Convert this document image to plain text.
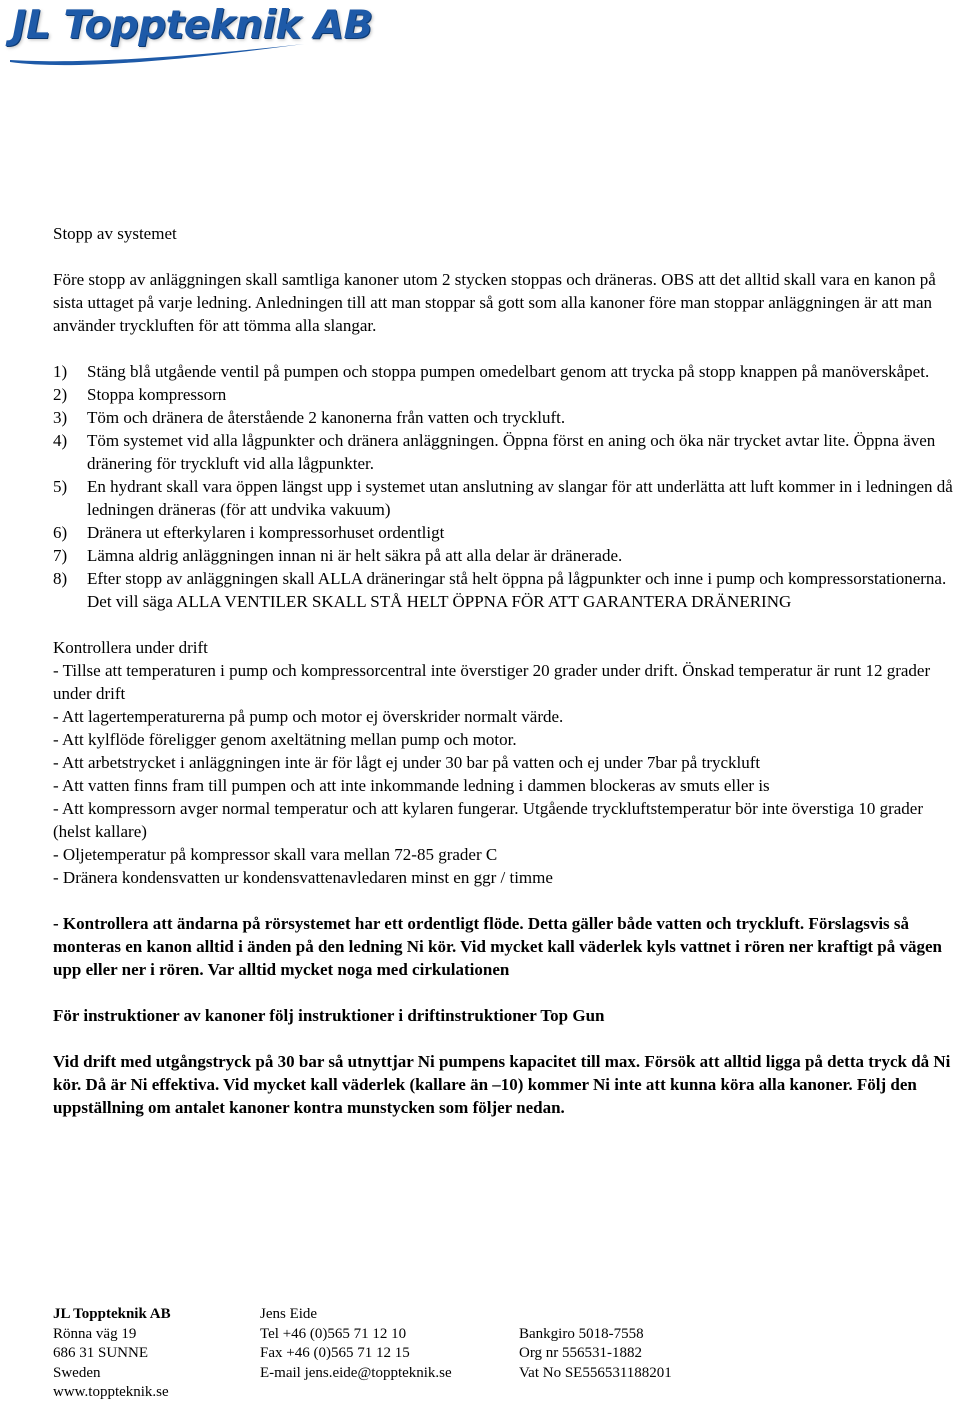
JL Toppteknik AB

Stopp av systemet

Före stopp av anläggningen skall samtliga kanoner utom 2 stycken stoppas och dräneras. OBS att det alltid skall vara en kanon på sista uttaget på varje ledning. Anledningen till att man stoppar så gott som alla kanoner före man stoppar anläggningen är att man använder tryckluften för att tömma alla slangar.

1) Stäng blå utgående ventil på pumpen och stoppa pumpen omedelbart genom att trycka på stopp knappen på manöverskåpet.
2) Stoppa kompressorn
3) Töm och dränera de återstående 2 kanonerna från vatten och tryckluft.
4) Töm systemet vid alla lågpunkter och dränera anläggningen. Öppna först en aning och öka när trycket avtar lite. Öppna även dränering för tryckluft vid alla lågpunkter.
5) En hydrant skall vara öppen längst upp i systemet utan anslutning av slangar för att underlätta att luft kommer in i ledningen då ledningen dräneras (för att undvika vakuum)
6) Dränera ut efterkylaren i kompressorhuset ordentligt
7) Lämna aldrig anläggningen innan ni är helt säkra på att alla delar är dränerade.
8) Efter stopp av anläggningen skall ALLA dräneringar stå helt öppna på lågpunkter och inne i pump och kompressorstationerna. Det vill säga ALLA VENTILER SKALL STÅ HELT ÖPPNA FÖR ATT GARANTERA DRÄNERING

Kontrollera under drift

- Tillse att temperaturen i pump och kompressorcentral inte överstiger 20 grader under drift. Önskad temperatur är runt 12 grader under drift

- Att lagertemperaturerna på pump och motor ej överskrider normalt värde.

- Att kylflöde föreligger genom axeltätning mellan pump och motor.

- Att arbetstrycket i anläggningen inte är för lågt ej under 30 bar på vatten och ej under 7bar på tryckluft

- Att vatten finns fram till pumpen och att inte inkommande ledning i dammen blockeras av smuts eller is

- Att kompressorn avger normal temperatur och att kylaren fungerar. Utgående tryckluftstemperatur bör inte överstiga 10 grader (helst kallare)

- Oljetemperatur på kompressor skall vara mellan 72-85 grader C

- Dränera kondensvatten ur kondensvattenavledaren minst en ggr / timme

- Kontrollera att ändarna på rörsystemet har ett ordentligt flöde. Detta gäller både vatten och tryckluft. Förslagsvis så monteras en kanon alltid i änden på den ledning Ni kör. Vid mycket kall väderlek kyls vattnet i rören ner kraftigt på vägen upp eller ner i rören. Var alltid mycket noga med cirkulationen

För instruktioner av kanoner följ instruktioner i driftinstruktioner Top Gun

Vid drift med utgångstryck på 30 bar så utnyttjar Ni pumpens kapacitet till max. Försök att alltid ligga på detta tryck då Ni kör. Då är Ni effektiva. Vid mycket kall väderlek (kallare än –10) kommer Ni inte att kunna köra alla kanoner. Följ den uppställning om antalet kanoner kontra munstycken som följer nedan.

JL Toppteknik AB
Rönna väg 19
686 31 SUNNE
Sweden
www.toppteknik.se
Jens Eide
Tel +46 (0)565 71 12 10
Fax +46 (0)565 71 12 15
E-mail jens.eide@toppteknik.se
Bankgiro 5018-7558
Org nr 556531-1882
Vat No SE556531188201
